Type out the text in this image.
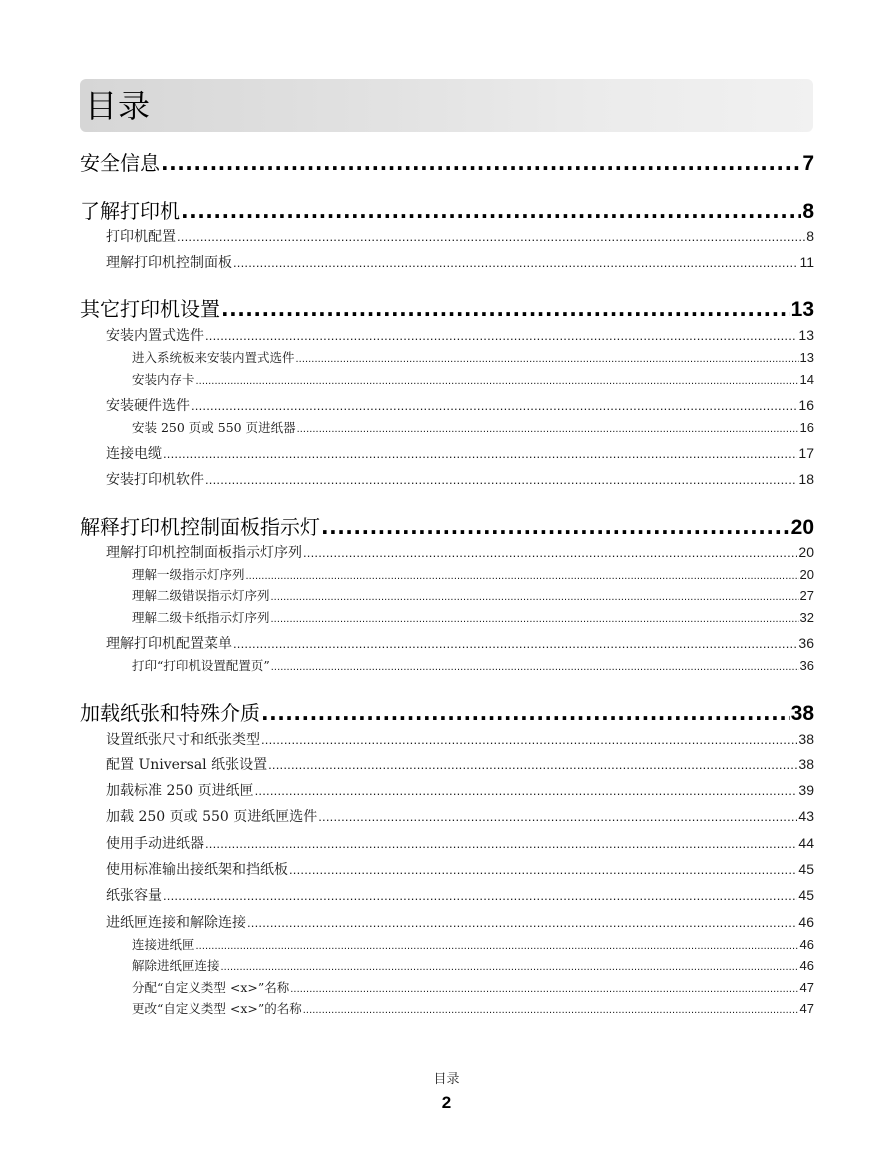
目录
安全信息 .....	7
了解打印机 .....	8
打印机配置 .....	8
理解打印机控制面板 .....	11
其它打印机设置 .....	13
安装内置式选件 .....	13
进入系统板来安装内置式选件 .....	13
安装内存卡 .....	14
安装硬件选件 .....	16
安装 250 页或 550 页进纸器 .....	16
连接电缆 .....	17
安装打印机软件 .....	18
解释打印机控制面板指示灯 .....	20
理解打印机控制面板指示灯序列 .....	20
理解一级指示灯序列 .....	20
理解二级错误指示灯序列 .....	27
理解二级卡纸指示灯序列 .....	32
理解打印机配置菜单 .....	36
打印“打印机设置配置页” .....	36
加载纸张和特殊介质 .....	38
设置纸张尺寸和纸张类型 .....	38
配置 Universal 纸张设置 .....	38
加载标准 250 页进纸匣 .....	39
加载 250 页或 550 页进纸匣选件 .....	43
使用手动进纸器 .....	44
使用标准输出接纸架和挡纸板 .....	45
纸张容量 .....	45
进纸匣连接和解除连接 .....	46
连接进纸匣 .....	46
解除进纸匣连接 .....	46
分配“自定义类型 <x>”名称 .....	47
更改“自定义类型 <x>”的名称 .....	47
目录
2
